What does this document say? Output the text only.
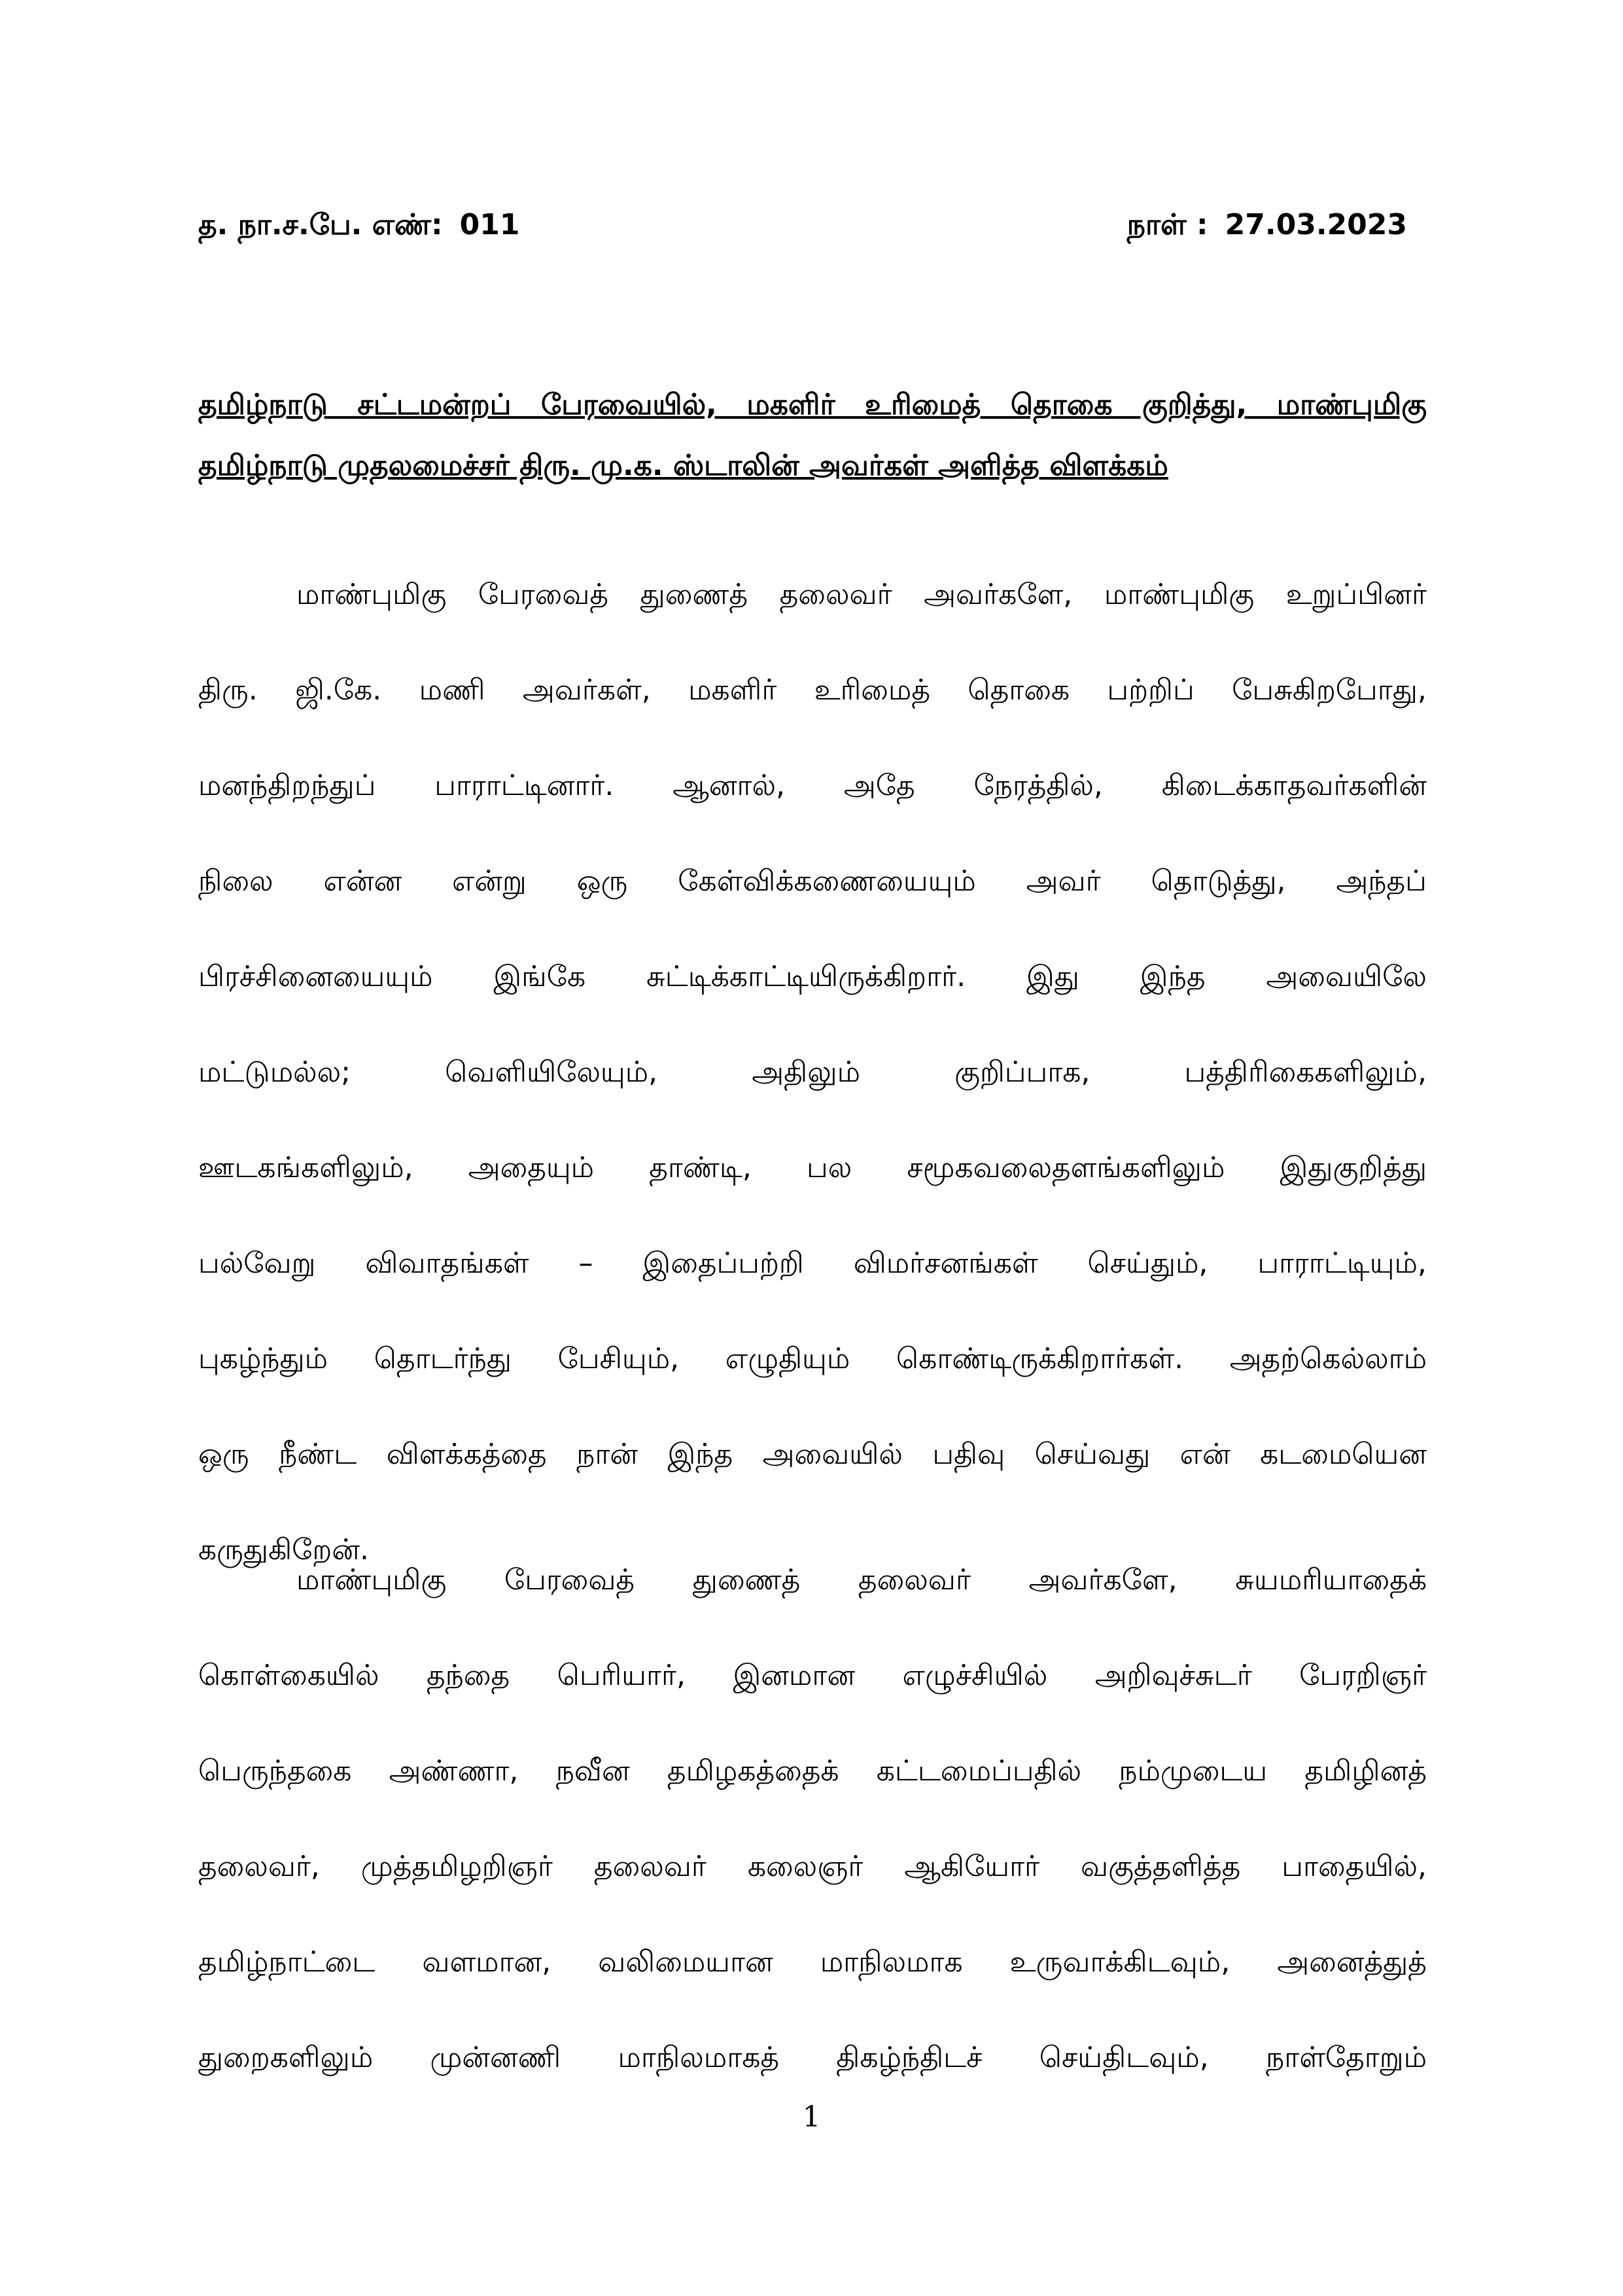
த. நா.ச.பே. எண்: 011	நாள் : 27.03.2023

தமிழ்நாடு சட்டமன்றப் பேரவையில், மகளிர் உரிமைத் தொகை குறித்து, மாண்புமிகு தமிழ்நாடு முதலமைச்சர் திரு. மு.க. ஸ்டாலின் அவர்கள் அளித்த விளக்கம்

மாண்புமிகு பேரவைத் துணைத் தலைவர் அவர்களே, மாண்புமிகு உறுப்பினர்
திரு. ஜி.கே. மணி அவர்கள், மகளிர் உரிமைத் தொகை பற்றிப் பேசுகிறபோது,
மனந்திறந்துப் பாராட்டினார். ஆனால், அதே நேரத்தில், கிடைக்காதவர்களின்
நிலை என்ன என்று ஒரு கேள்விக்கணையையும் அவர் தொடுத்து, அந்தப்
பிரச்சினையையும் இங்கே சுட்டிக்காட்டியிருக்கிறார். இது இந்த அவையிலே
மட்டுமல்ல;	வெளியிலேயும்,	அதிலும்	குறிப்பாக,	பத்திரிகைகளிலும்,
ஊடகங்களிலும், அதையும் தாண்டி, பல சமூகவலைதளங்களிலும் இதுகுறித்து
பல்வேறு விவாதங்கள் – இதைப்பற்றி விமர்சனங்கள் செய்தும், பாராட்டியும்,
புகழ்ந்தும் தொடர்ந்து பேசியும், எழுதியும் கொண்டிருக்கிறார்கள். அதற்கெல்லாம்
ஒரு நீண்ட விளக்கத்தை நான் இந்த அவையில் பதிவு செய்வது என் கடமையென
கருதுகிறேன்.
மாண்புமிகு பேரவைத் துணைத் தலைவர் அவர்களே, சுயமரியாதைக்
கொள்கையில் தந்தை பெரியார், இனமான எழுச்சியில் அறிவுச்சுடர் பேரறிஞர்
பெருந்தகை அண்ணா, நவீன தமிழகத்தைக் கட்டமைப்பதில் நம்முடைய தமிழினத்
தலைவர், முத்தமிழறிஞர் தலைவர் கலைஞர் ஆகியோர் வகுத்தளித்த பாதையில்,
தமிழ்நாட்டை வளமான, வலிமையான மாநிலமாக உருவாக்கிடவும், அனைத்துத்
துறைகளிலும் முன்னணி மாநிலமாகத் திகழ்ந்திடச் செய்திடவும், நாள்தோறும்
1
